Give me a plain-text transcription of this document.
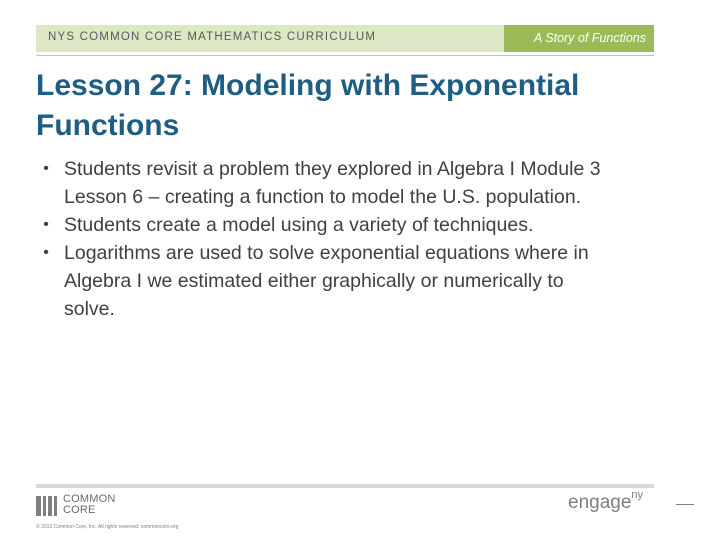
NYS COMMON CORE MATHEMATICS CURRICULUM	A Story of Functions
Lesson 27: Modeling with Exponential
Functions
• Students revisit a problem they explored in Algebra I Module 3
Lesson 6 – creating a function to model the U.S. population.
• Students create a model using a variety of techniques.
• Logarithms are used to solve exponential equations where in
Algebra I we estimated either graphically or numerically to
solve.
COMMON
CORE
© 2013 Common Core, Inc. All rights reserved. commoncore.org
engage$^{ny}$
